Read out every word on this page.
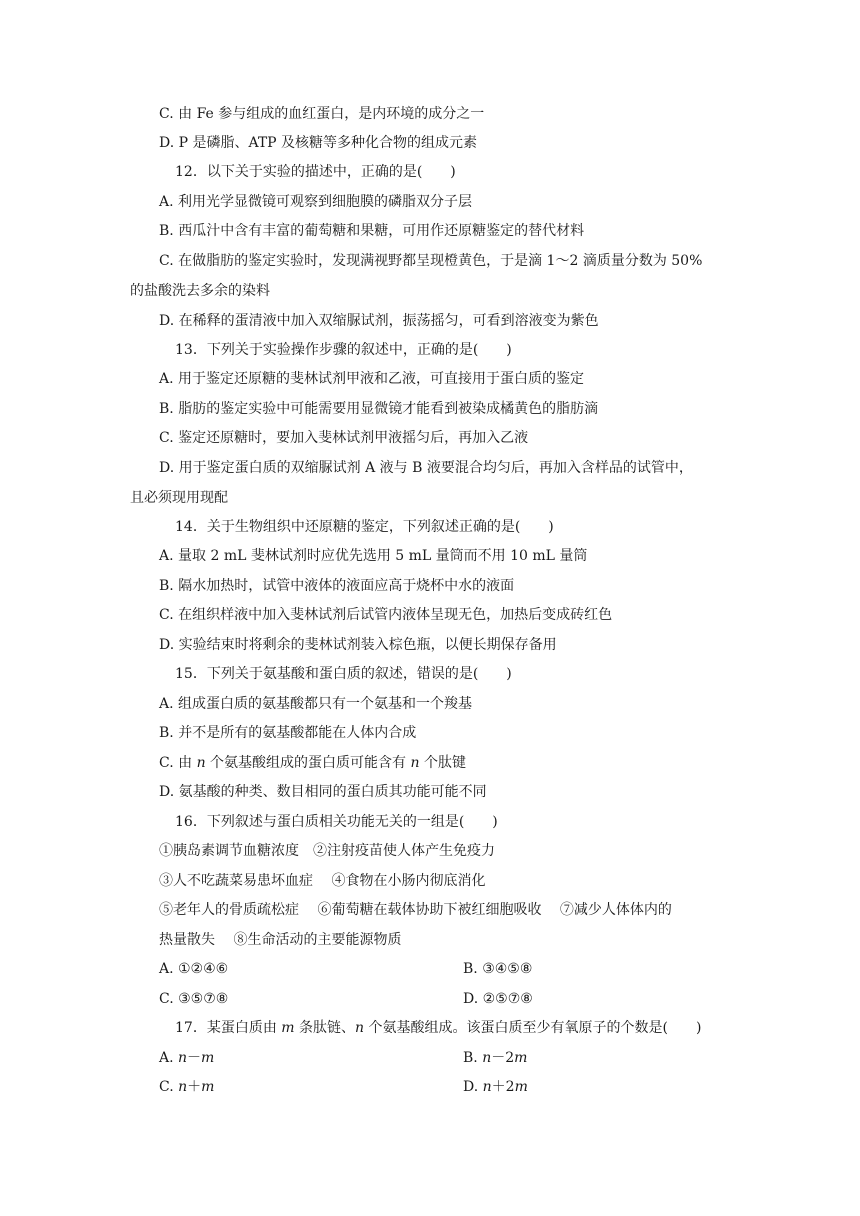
C. 由 Fe 参与组成的血红蛋白，是内环境的成分之一
D. P 是磷脂、ATP 及核糖等多种化合物的组成元素
12．以下关于实验的描述中，正确的是(　　)
A. 利用光学显微镜可观察到细胞膜的磷脂双分子层
B. 西瓜汁中含有丰富的葡萄糖和果糖，可用作还原糖鉴定的替代材料
C. 在做脂肪的鉴定实验时，发现满视野都呈现橙黄色，于是滴 1～2 滴质量分数为 50%
的盐酸洗去多余的染料
D. 在稀释的蛋清液中加入双缩脲试剂，振荡摇匀，可看到溶液变为紫色
13．下列关于实验操作步骤的叙述中，正确的是(　　)
A. 用于鉴定还原糖的斐林试剂甲液和乙液，可直接用于蛋白质的鉴定
B. 脂肪的鉴定实验中可能需要用显微镜才能看到被染成橘黄色的脂肪滴
C. 鉴定还原糖时，要加入斐林试剂甲液摇匀后，再加入乙液
D. 用于鉴定蛋白质的双缩脲试剂 A 液与 B 液要混合均匀后，再加入含样品的试管中，
且必须现用现配
14．关于生物组织中还原糖的鉴定，下列叙述正确的是(　　)
A. 量取 2 mL 斐林试剂时应优先选用 5 mL 量筒而不用 10 mL 量筒
B. 隔水加热时，试管中液体的液面应高于烧杯中水的液面
C. 在组织样液中加入斐林试剂后试管内液体呈现无色，加热后变成砖红色
D. 实验结束时将剩余的斐林试剂装入棕色瓶，以便长期保存备用
15．下列关于氨基酸和蛋白质的叙述，错误的是(　　)
A. 组成蛋白质的氨基酸都只有一个氨基和一个羧基
B. 并不是所有的氨基酸都能在人体内合成
C. 由 n 个氨基酸组成的蛋白质可能含有 n 个肽键
D. 氨基酸的种类、数目相同的蛋白质其功能可能不同
16．下列叙述与蛋白质相关功能无关的一组是(　　)
①胰岛素调节血糖浓度　②注射疫苗使人体产生免疫力
③人不吃蔬菜易患坏血症　 ④食物在小肠内彻底消化
⑤老年人的骨质疏松症　 ⑥葡萄糖在载体协助下被红细胞吸收　 ⑦减少人体体内的
热量散失　 ⑧生命活动的主要能源物质
A. ①②④⑥	B. ③④⑤⑧
C. ③⑤⑦⑧	D. ②⑤⑦⑧
17．某蛋白质由 m 条肽链、n 个氨基酸组成。该蛋白质至少有氧原子的个数是(　　)
A. n－m	B. n－2m
C. n＋m	D. n＋2m
